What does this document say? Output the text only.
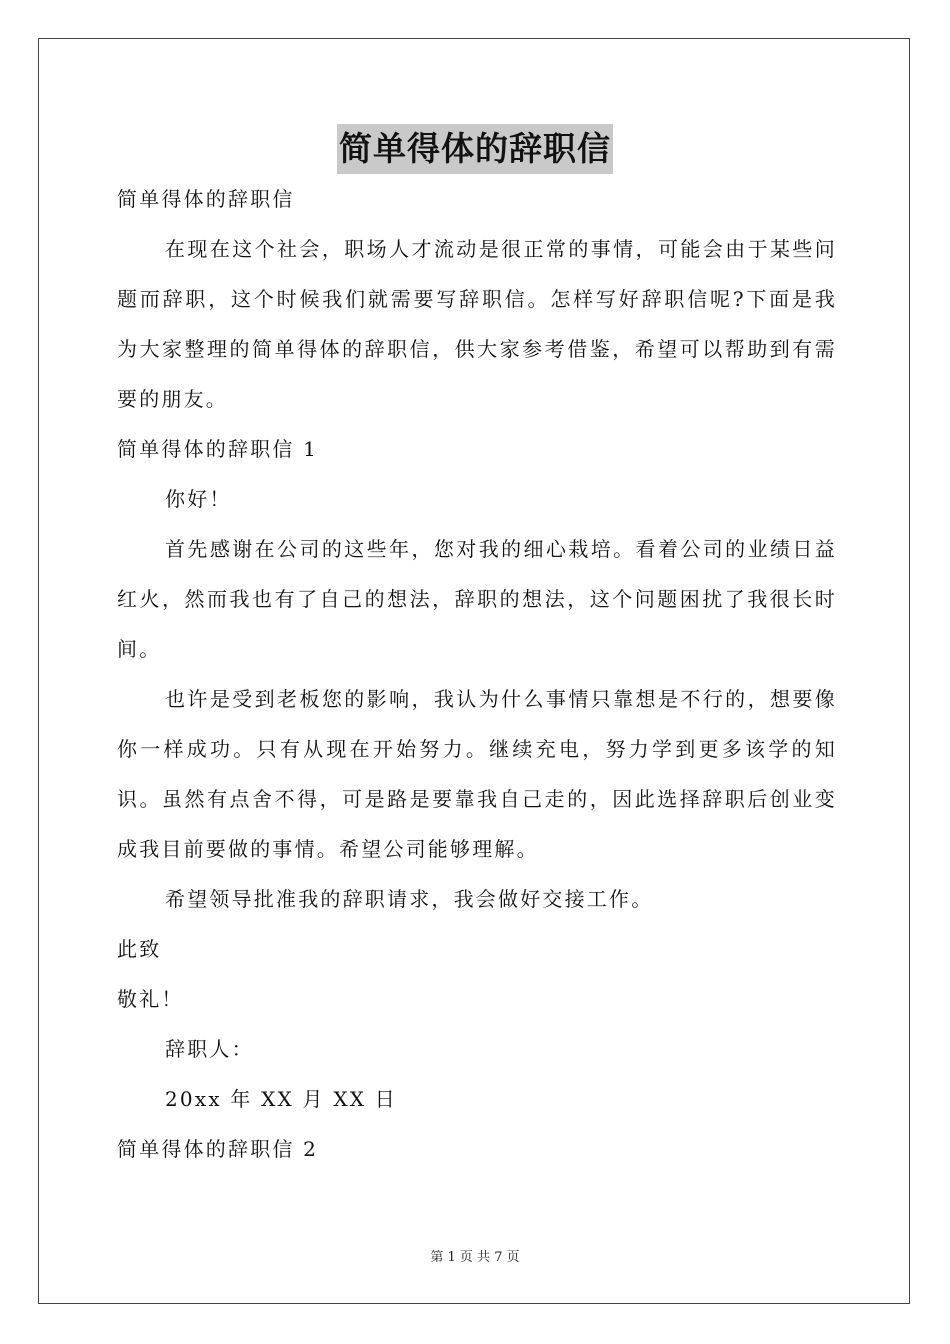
简单得体的辞职信
简单得体的辞职信

在现在这个社会，职场人才流动是很正常的事情，可能会由于某些问题而辞职，这个时候我们就需要写辞职信。怎样写好辞职信呢?下面是我为大家整理的简单得体的辞职信，供大家参考借鉴，希望可以帮助到有需要的朋友。

简单得体的辞职信 1
你好！

首先感谢在公司的这些年，您对我的细心栽培。看着公司的业绩日益红火，然而我也有了自己的想法，辞职的想法，这个问题困扰了我很长时间。

也许是受到老板您的影响，我认为什么事情只靠想是不行的，想要像你一样成功。只有从现在开始努力。继续充电，努力学到更多该学的知识。虽然有点舍不得，可是路是要靠我自己走的，因此选择辞职后创业变成我目前要做的事情。希望公司能够理解。

希望领导批准我的辞职请求，我会做好交接工作。

此致
敬礼！
辞职人：
20xx 年 XX 月 XX 日
简单得体的辞职信 2
第 1 页 共 7 页
